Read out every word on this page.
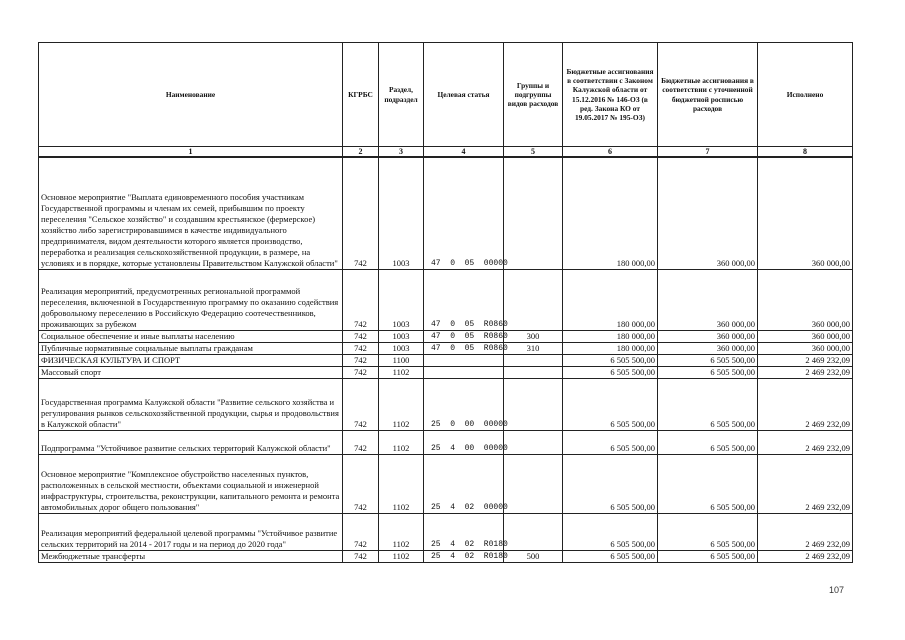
Наименование	КГРБС	Раздел, подраздел	Целевая статья	Группы и подгруппы видов расходов	Бюджетные ассигнования в соответствии с Законом Калужской области от 15.12.2016 № 146-ОЗ (в ред. Закона КО от 19.05.2017 № 195-ОЗ)	Бюджетные ассигнования в соответствии с уточненной бюджетной росписью расходов	Исполнено
1	2	3	4	5	6	7	8
Основное мероприятие "Выплата единовременного пособия участникам Государственной программы и членам их семей, прибывшим по проекту переселения "Сельское хозяйство" и создавшим крестьянское (фермерское) хозяйство либо зарегистрировавшимся в качестве индивидуального предпринимателя, видом деятельности которого является производство, переработка и реализация сельскохозяйственной продукции, в размере, на условиях и в порядке, которые установлены Правительством Калужской области"	742	1003	47  0  05  00000		180 000,00	360 000,00	360 000,00
Реализация мероприятий, предусмотренных региональной программой переселения, включенной в Государственную программу по оказанию содействия добровольному переселению в Российскую Федерацию соотечественников, проживающих за рубежом	742	1003	47  0  05  R0860		180 000,00	360 000,00	360 000,00
Социальное обеспечение и иные выплаты населению	742	1003	47  0  05  R0860	300	180 000,00	360 000,00	360 000,00
Публичные нормативные социальные выплаты гражданам	742	1003	47  0  05  R0860	310	180 000,00	360 000,00	360 000,00
ФИЗИЧЕСКАЯ КУЛЬТУРА И СПОРТ	742	1100			6 505 500,00	6 505 500,00	2 469 232,09
Массовый спорт	742	1102			6 505 500,00	6 505 500,00	2 469 232,09
Государственная программа Калужской области "Развитие сельского хозяйства и регулирования рынков сельскохозяйственной продукции, сырья и продовольствия в Калужской области"	742	1102	25  0  00  00000		6 505 500,00	6 505 500,00	2 469 232,09
Подпрограмма "Устойчивое развитие сельских территорий Калужской области"	742	1102	25  4  00  00000		6 505 500,00	6 505 500,00	2 469 232,09
Основное мероприятие "Комплексное обустройство населенных пунктов, расположенных в сельской местности, объектами социальной и инженерной инфраструктуры, строительства, реконструкции, капитального ремонта и ремонта автомобильных дорог общего пользования"	742	1102	25  4  02  00000		6 505 500,00	6 505 500,00	2 469 232,09
Реализация мероприятий федеральной целевой программы "Устойчивое развитие сельских территорий на 2014 - 2017 годы и на период до 2020 года"	742	1102	25  4  02  R0180		6 505 500,00	6 505 500,00	2 469 232,09
Межбюджетные трансферты	742	1102	25  4  02  R0180	500	6 505 500,00	6 505 500,00	2 469 232,09
107
